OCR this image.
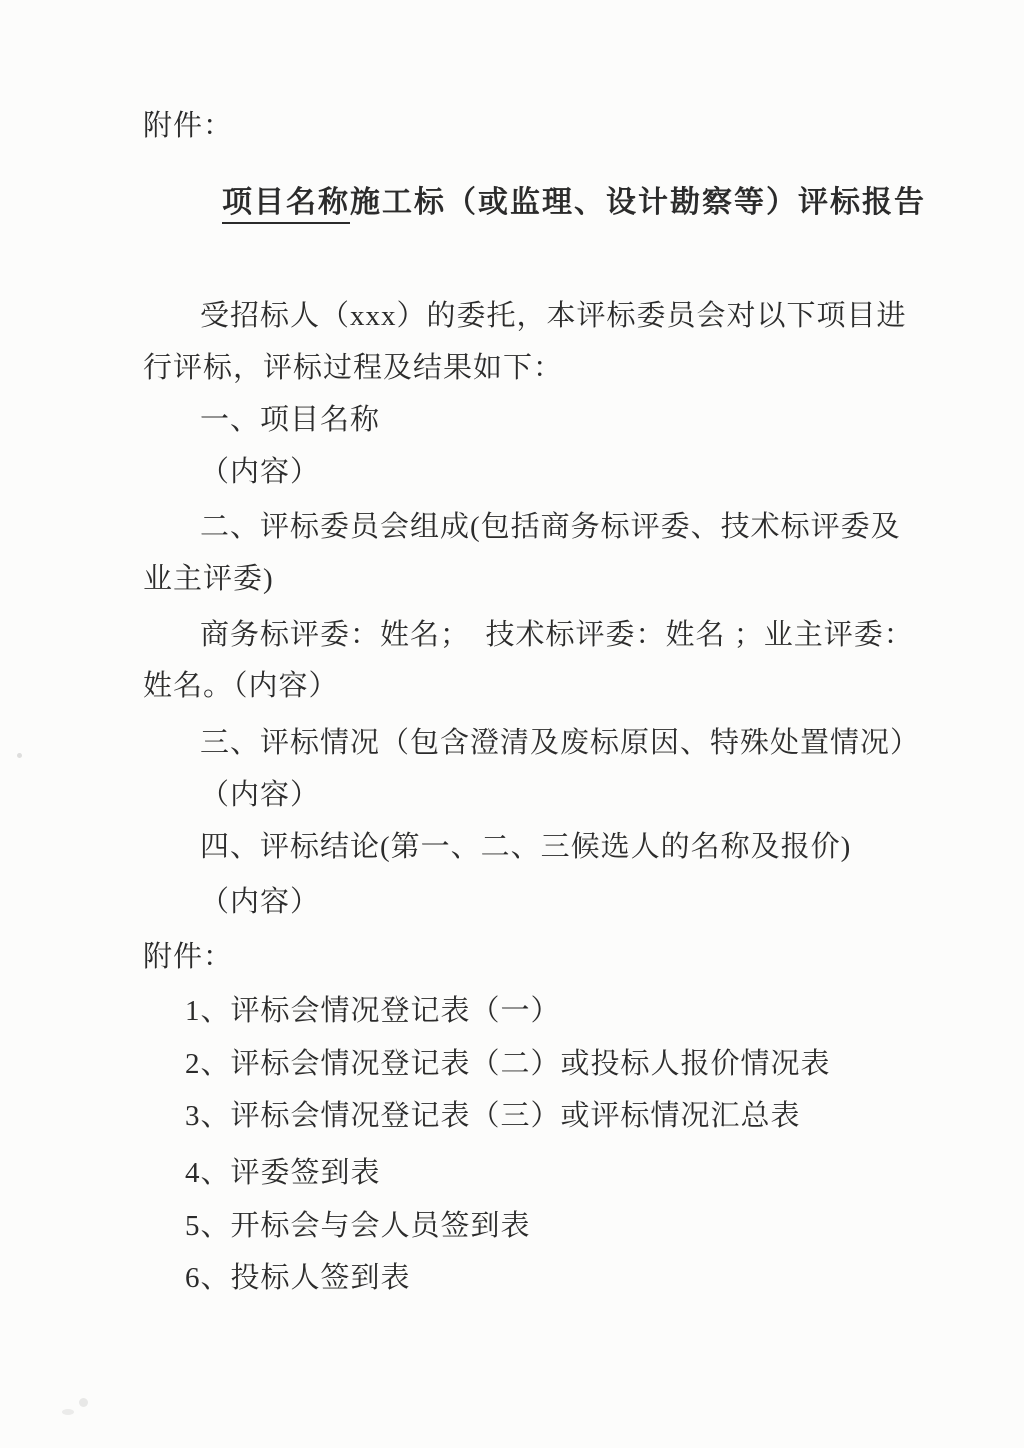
附件：
项目名称施工标（或监理、设计勘察等）评标报告
受招标人（xxx）的委托，本评标委员会对以下项目进
行评标，评标过程及结果如下：
一、项目名称
（内容）
二、评标委员会组成(包括商务标评委、技术标评委及
业主评委)
商务标评委：姓名；　技术标评委：姓名 ；业主评委：
姓名。（内容）
三、评标情况（包含澄清及废标原因、特殊处置情况）
（内容）
四、评标结论(第一、二、三候选人的名称及报价)
（内容）
附件：
1、评标会情况登记表（一）
2、评标会情况登记表（二）或投标人报价情况表
3、评标会情况登记表（三）或评标情况汇总表
4、评委签到表
5、开标会与会人员签到表
6、投标人签到表
